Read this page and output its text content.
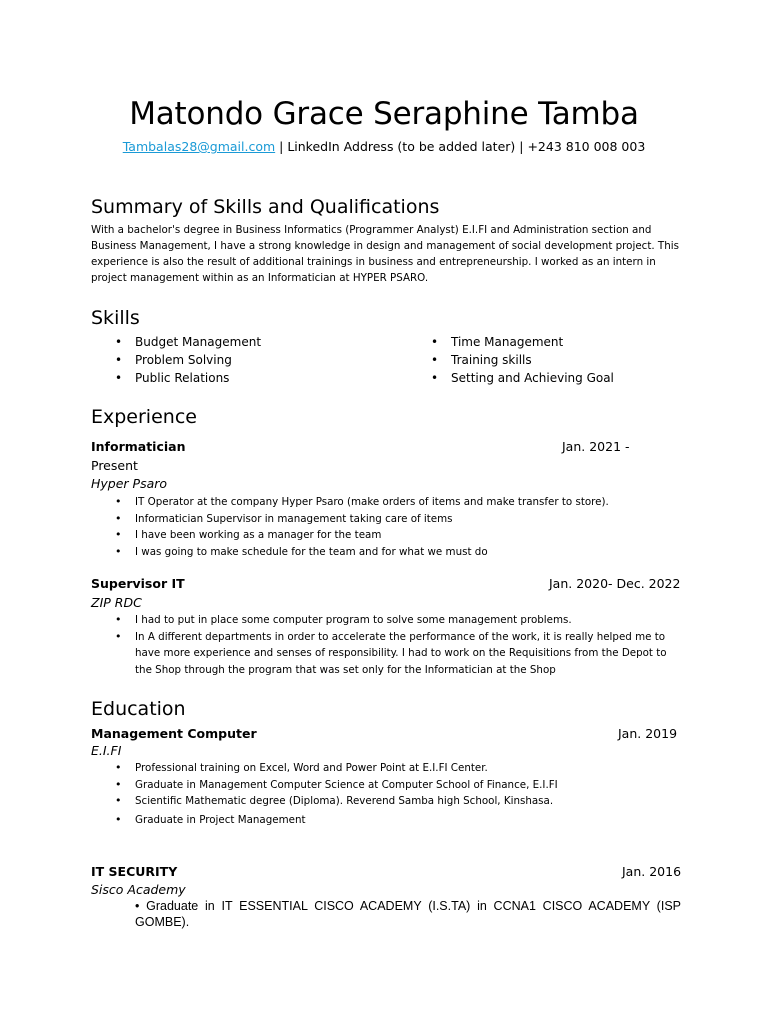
Matondo Grace Seraphine Tamba
Tambalas28@gmail.com | LinkedIn Address (to be added later) | +243 810 008 003
Summary of Skills and Qualifications

With a bachelor's degree in Business Informatics (Programmer Analyst) E.I.FI and Administration section and Business Management, I have a strong knowledge in design and management of social development project. This experience is also the result of additional trainings in business and entrepreneurship. I worked as an intern in project management within as an Informatician at HYPER PSARO.

Skills
• Budget Management
• Problem Solving
• Public Relations
• Time Management
• Training skills
• Setting and Achieving Goal
Experience
Informatician	Jan. 2021 -
Present
Hyper Psaro
• IT Operator at the company Hyper Psaro (make orders of items and make transfer to store).
• Informatician Supervisor in management taking care of items
• I have been working as a manager for the team
• I was going to make schedule for the team and for what we must do
Supervisor IT	Jan. 2020- Dec. 2022
ZIP RDC
• I had to put in place some computer program to solve some management problems.
• In A different departments in order to accelerate the performance of the work, it is really helped me to have more experience and senses of responsibility. I had to work on the Requisitions from the Depot to the Shop through the program that was set only for the Informatician at the Shop
Education
Management Computer	Jan. 2019
E.I.FI
• Professional training on Excel, Word and Power Point at E.I.FI Center.
• Graduate in Management Computer Science at Computer School of Finance, E.I.FI
• Scientific Mathematic degree (Diploma). Reverend Samba high School, Kinshasa.
• Graduate in Project Management
IT SECURITY	Jan. 2016
Sisco Academy
• Graduate in IT ESSENTIAL CISCO ACADEMY (I.S.TA) in CCNA1 CISCO ACADEMY (ISP GOMBE).
